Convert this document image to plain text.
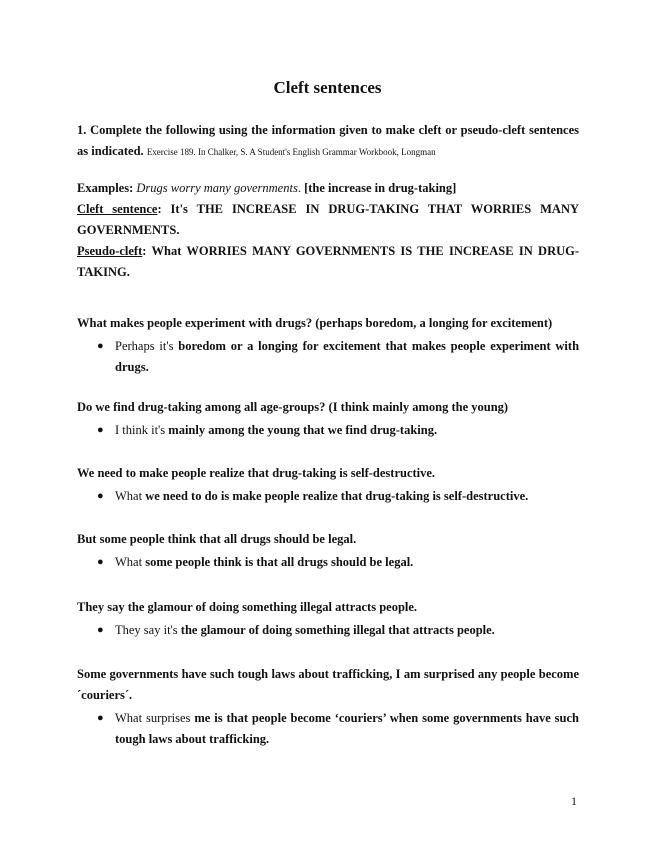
Cleft sentences
1. Complete the following using the information given to make cleft or pseudo-cleft sentences as indicated. Exercise 189. In Chalker, S. A Student's English Grammar Workbook, Longman
Examples: Drugs worry many governments. [the increase in drug-taking]
Cleft sentence: It's THE INCREASE IN DRUG-TAKING THAT WORRIES MANY GOVERNMENTS.
Pseudo-cleft: What WORRIES MANY GOVERNMENTS IS THE INCREASE IN DRUG-TAKING.
What makes people experiment with drugs? (perhaps boredom, a longing for excitement)
● Perhaps it's boredom or a longing for excitement that makes people experiment with drugs.
Do we find drug-taking among all age-groups? (I think mainly among the young)
● I think it's mainly among the young that we find drug-taking.
We need to make people realize that drug-taking is self-destructive.
● What we need to do is make people realize that drug-taking is self-destructive.
But some people think that all drugs should be legal.
● What some people think is that all drugs should be legal.
They say the glamour of doing something illegal attracts people.
● They say it's the glamour of doing something illegal that attracts people.
Some governments have such tough laws about trafficking, I am surprised any people become ´couriers´.
● What surprises me is that people become ‘couriers’ when some governments have such tough laws about trafficking.
1
